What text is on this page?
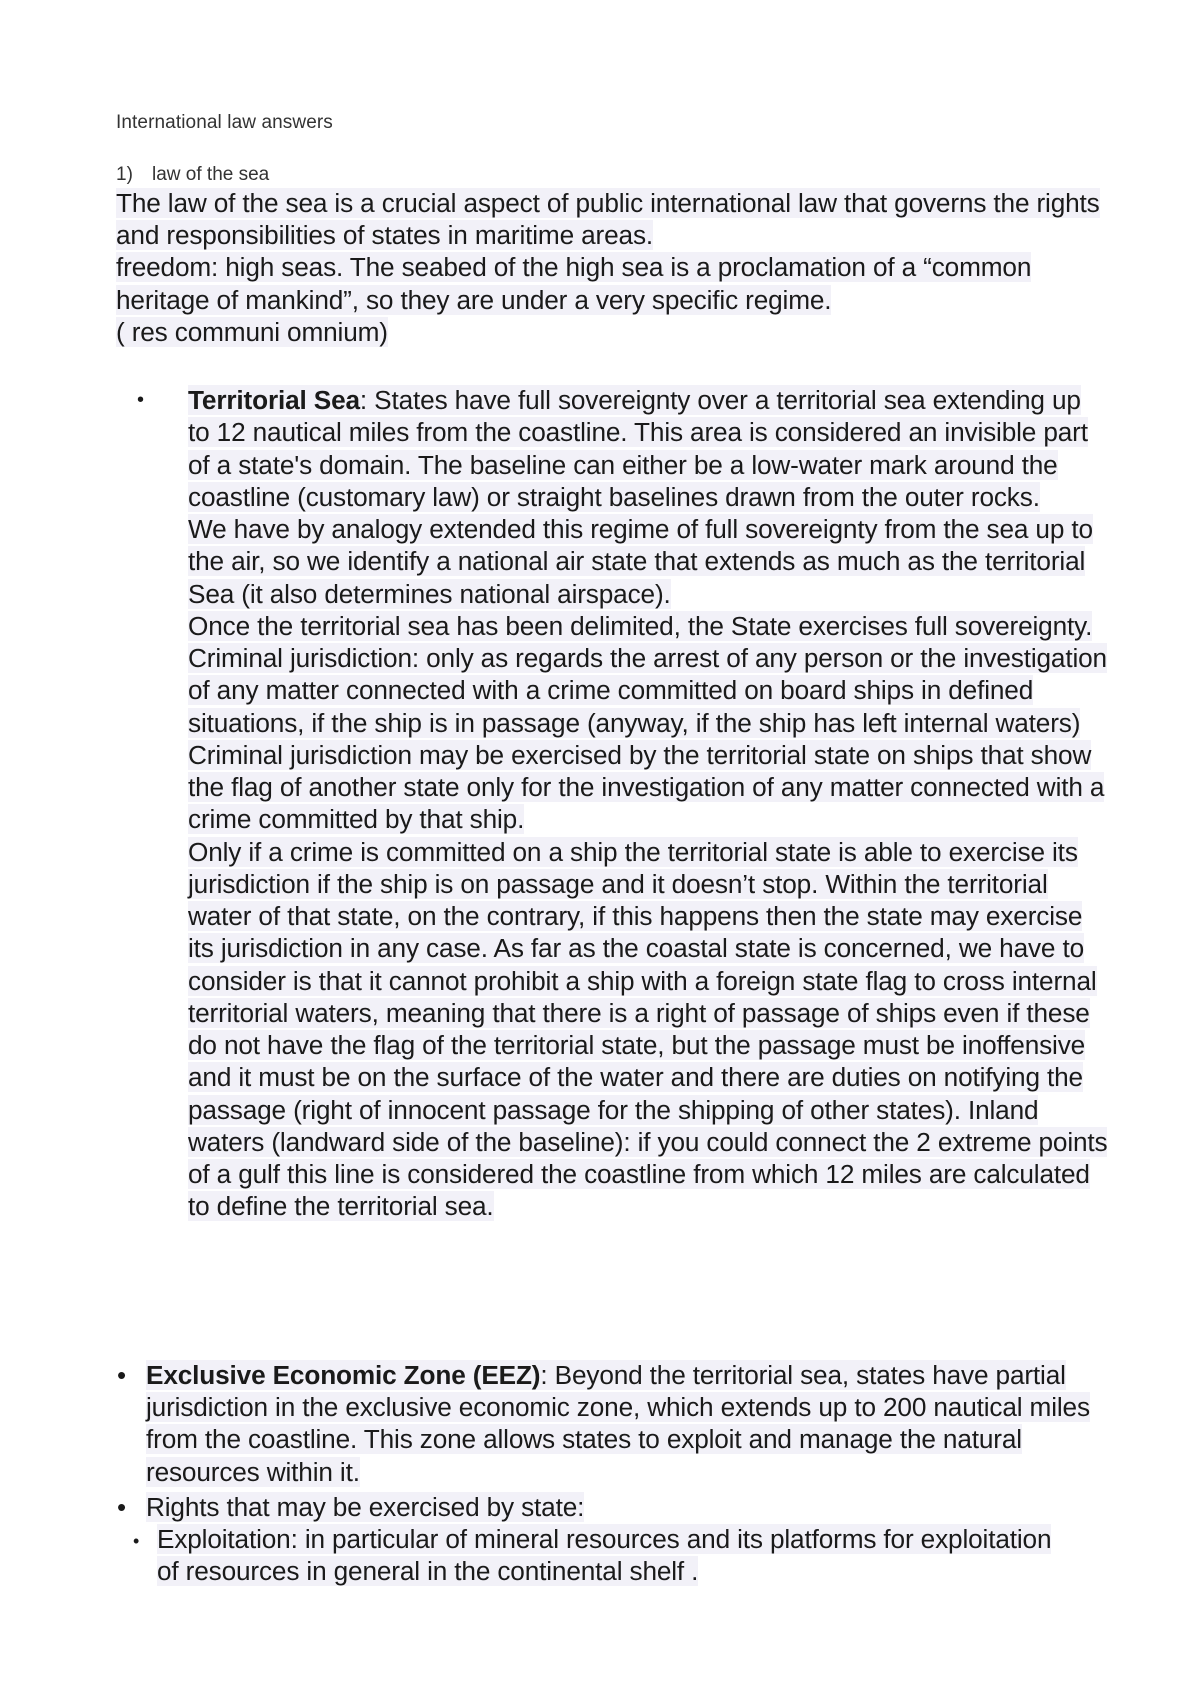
International law answers
1) law of the sea
The law of the sea is a crucial aspect of public international law that governs the rights and responsibilities of states in maritime areas.
freedom: high seas. The seabed of the high sea is a proclamation of a “common heritage of mankind”, so they are under a very specific regime.
( res communi omnium)
• Territorial Sea: States have full sovereignty over a territorial sea extending up to 12 nautical miles from the coastline. This area is considered an invisible part of a state's domain. The baseline can either be a low-water mark around the coastline (customary law) or straight baselines drawn from the outer rocks.
We have by analogy extended this regime of full sovereignty from the sea up to the air, so we identify a national air state that extends as much as the territorial Sea (it also determines national airspace).
Once the territorial sea has been delimited, the State exercises full sovereignty. Criminal jurisdiction: only as regards the arrest of any person or the investigation of any matter connected with a crime committed on board ships in defined situations, if the ship is in passage (anyway, if the ship has left internal waters) Criminal jurisdiction may be exercised by the territorial state on ships that show the flag of another state only for the investigation of any matter connected with a crime committed by that ship.
Only if a crime is committed on a ship the territorial state is able to exercise its jurisdiction if the ship is on passage and it doesn’t stop. Within the territorial water of that state, on the contrary, if this happens then the state may exercise its jurisdiction in any case. As far as the coastal state is concerned, we have to consider is that it cannot prohibit a ship with a foreign state flag to cross internal territorial waters, meaning that there is a right of passage of ships even if these do not have the flag of the territorial state, but the passage must be inoffensive and it must be on the surface of the water and there are duties on notifying the passage (right of innocent passage for the shipping of other states). Inland waters (landward side of the baseline): if you could connect the 2 extreme points of a gulf this line is considered the coastline from which 12 miles are calculated to define the territorial sea.
• Exclusive Economic Zone (EEZ): Beyond the territorial sea, states have partial jurisdiction in the exclusive economic zone, which extends up to 200 nautical miles from the coastline. This zone allows states to exploit and manage the natural resources within it.
• Rights that may be exercised by state:
• Exploitation: in particular of mineral resources and its platforms for exploitation of resources in general in the continental shelf .
